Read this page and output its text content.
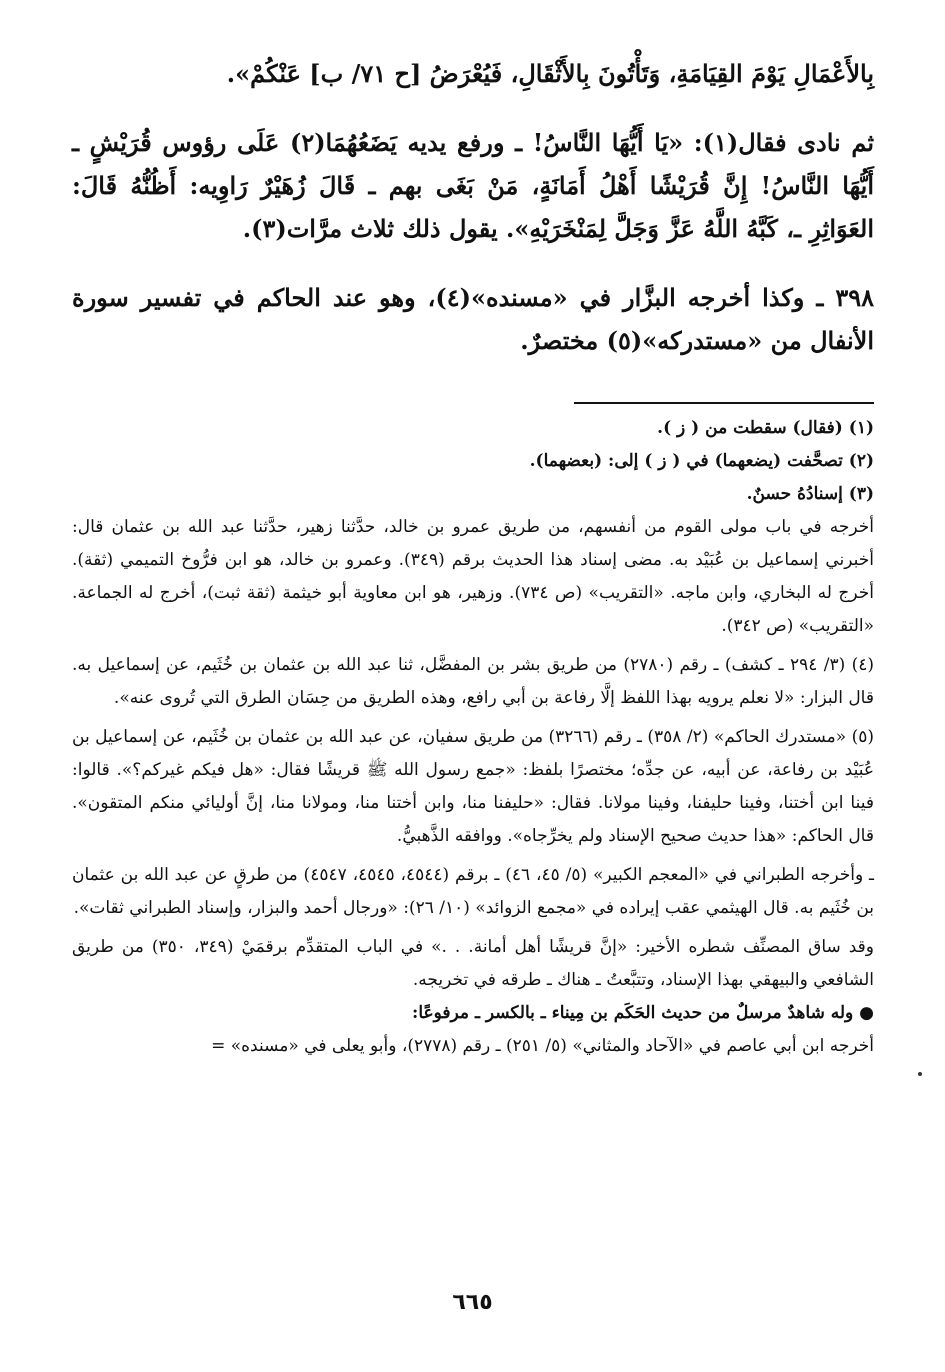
بِالأَعْمَالِ يَوْمَ القِيَامَةِ، وَتَأْتُونَ بِالأَثْقَالِ، فَيُعْرَضُ [ح ٧١/ ب] عَنْكُمْ».

ثم نادى فقال(١): «يَا أَيُّهَا النَّاسُ! ـ ورفع يديه يَضَعُهُمَا(٢) عَلَى رؤوس قُرَيْشٍ ـ أَيُّهَا النَّاسُ! إِنَّ قُرَيْشًا أَهْلُ أَمَانَةٍ، مَنْ بَغَى بهم ـ قَالَ زُهَيْرٌ رَاوِيه: أَظُنُّهُ قَالَ: العَوَاثِرِ ـ، كَبَّهُ اللَّهُ عَزَّ وَجَلَّ لِمَنْخَرَيْهِ». يقول ذلك ثلاث مرَّات(٣).

٣٩٨ ـ وكذا أخرجه البزَّار في «مسنده»(٤)، وهو عند الحاكم في تفسير سورة الأنفال من «مستدركه»(٥) مختصرٌ.

(١) (فقال) سقطت من ( ز ).

(٢) تصحَّفت (يضعهما) في ( ز ) إلى: (بعضهما).

(٣) إسنادُهُ حسنٌ.

أخرجه في باب مولى القوم من أنفسهم، من طريق عمرو بن خالد، حدَّثنا زهير، حدَّثنا عبد الله بن عثمان قال: أخبرني إسماعيل بن عُبَيْد به. مضى إسناد هذا الحديث برقم (٣٤٩). وعمرو بن خالد، هو ابن فرُّوخ التميمي (ثقة). أخرج له البخاري، وابن ماجه. «التقريب» (ص ٧٣٤). وزهير، هو ابن معاوية أبو خيثمة (ثقة ثبت)، أخرج له الجماعة. «التقريب» (ص ٣٤٢).

(٤) (٣/ ٢٩٤ ـ كشف) ـ رقم (٢٧٨٠) من طريق بشر بن المفضَّل، ثنا عبد الله بن عثمان بن خُثَيم، عن إسماعيل به. قال البزار: «لا نعلم يرويه بهذا اللفظ إلَّا رفاعة بن أبي رافع، وهذه الطريق من حِسَان الطرق التي تُروى عنه».

(٥) «مستدرك الحاكم» (٢/ ٣٥٨) ـ رقم (٣٢٦٦) من طريق سفيان، عن عبد الله بن عثمان بن خُثَيم، عن إسماعيل بن عُبَيْد بن رفاعة، عن أبيه، عن جدِّه؛ مختصرًا بلفظ: «جمع رسول الله ﷺ قريشًا فقال: «هل فيكم غيركم؟». قالوا: فينا ابن أختنا، وفينا حليفنا، وفينا مولانا. فقال: «حليفنا منا، وابن أختنا منا، ومولانا منا، إنَّ أوليائي منكم المتقون». قال الحاكم: «هذا حديث صحيح الإسناد ولم يخرِّجاه». ووافقه الذَّهبيُّ.

ـ وأخرجه الطبراني في «المعجم الكبير» (٥/ ٤٥، ٤٦) ـ برقم (٤٥٤٤، ٤٥٤٥، ٤٥٤٧) من طرقٍ عن عبد الله بن عثمان بن خُثَيم به. قال الهيثمي عقب إيراده في «مجمع الزوائد» (١٠/ ٢٦): «ورجال أحمد والبزار، وإسناد الطبراني ثقات».

وقد ساق المصنِّف شطره الأخير: «إنَّ قريشًا أهل أمانة. . .» في الباب المتقدِّم برقمَيْ (٣٤٩، ٣٥٠) من طريق الشافعي والبيهقي بهذا الإسناد، وتتبَّعتُ ـ هناك ـ طرقه في تخريجه.

● وله شاهدٌ مرسلٌ من حديث الحَكَم بن مِيناء ـ بالكسر ـ مرفوعًا:

أخرجه ابن أبي عاصم في «الآحاد والمثاني» (٥/ ٢٥١) ـ رقم (٢٧٧٨)، وأبو يعلى في «مسنده» =

٦٦٥
